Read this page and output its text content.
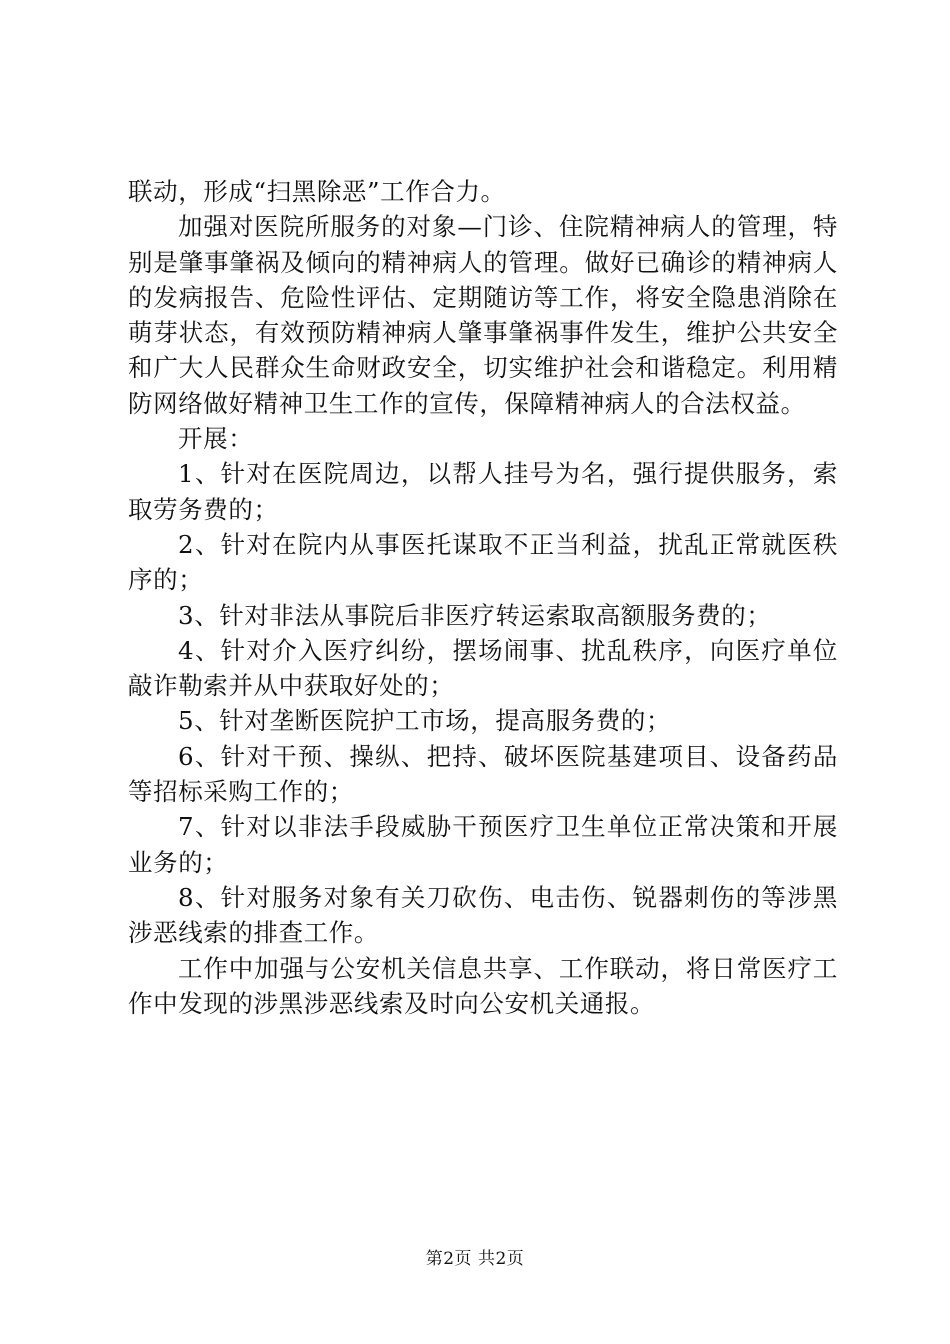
联动，形成“扫黑除恶”工作合力。

加强对医院所服务的对象—门诊、住院精神病人的管理，特别是肇事肇祸及倾向的精神病人的管理。做好已确诊的精神病人的发病报告、危险性评估、定期随访等工作，将安全隐患消除在萌芽状态，有效预防精神病人肇事肇祸事件发生，维护公共安全和广大人民群众生命财政安全，切实维护社会和谐稳定。利用精防网络做好精神卫生工作的宣传，保障精神病人的合法权益。

开展：

1、针对在医院周边，以帮人挂号为名，强行提供服务，索取劳务费的；

2、针对在院内从事医托谋取不正当利益，扰乱正常就医秩序的；

3、针对非法从事院后非医疗转运索取高额服务费的；

4、针对介入医疗纠纷，摆场闹事、扰乱秩序，向医疗单位敲诈勒索并从中获取好处的；

5、针对垄断医院护工市场，提高服务费的；

6、针对干预、操纵、把持、破坏医院基建项目、设备药品等招标采购工作的；

7、针对以非法手段威胁干预医疗卫生单位正常决策和开展业务的；

8、针对服务对象有关刀砍伤、电击伤、锐器刺伤的等涉黑涉恶线索的排查工作。

工作中加强与公安机关信息共享、工作联动，将日常医疗工作中发现的涉黑涉恶线索及时向公安机关通报。

第2页 共2页
